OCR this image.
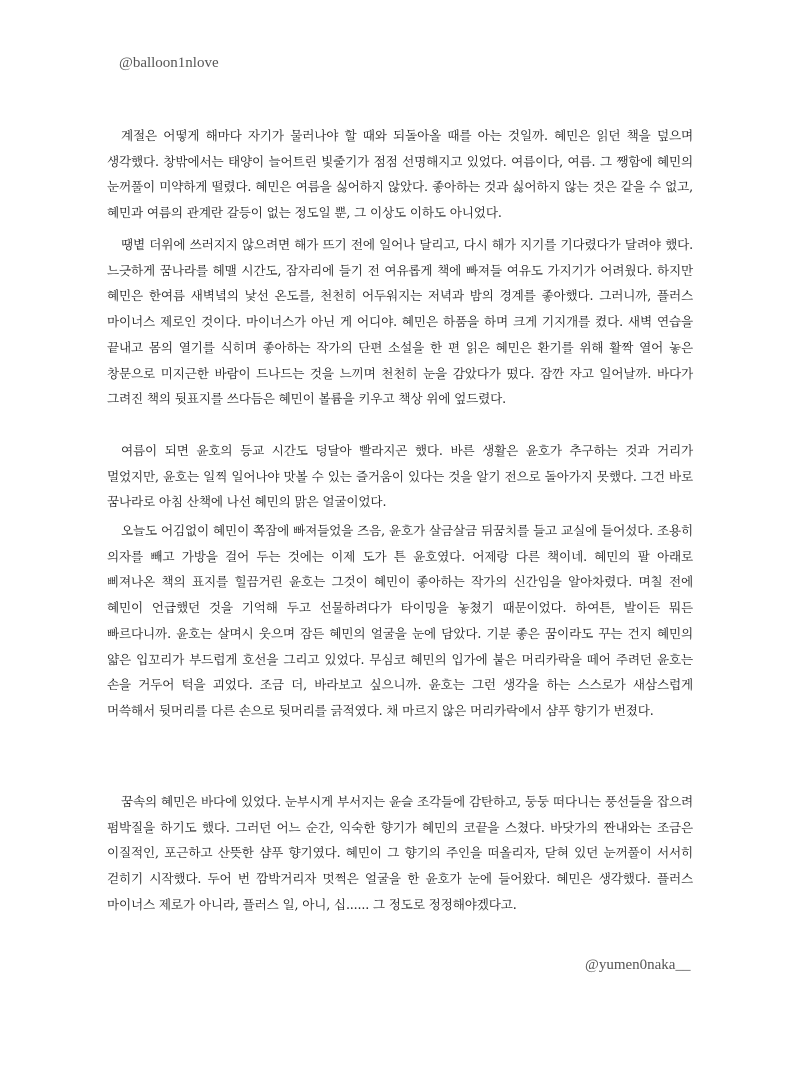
@balloon1nlove

계절은 어떻게 해마다 자기가 물러나야 할 때와 되돌아올 때를 아는 것일까. 혜민은 읽던 책을 덮으며 생각했다. 창밖에서는 태양이 늘어트린 빛줄기가 점점 선명해지고 있었다. 여름이다, 여름. 그 쨍함에 혜민의 눈꺼풀이 미약하게 떨렸다. 혜민은 여름을 싫어하지 않았다. 좋아하는 것과 싫어하지 않는 것은 같을 수 없고, 혜민과 여름의 관계란 갈등이 없는 정도일 뿐, 그 이상도 이하도 아니었다.

땡볕 더위에 쓰러지지 않으려면 해가 뜨기 전에 일어나 달리고, 다시 해가 지기를 기다렸다가 달려야 했다. 느긋하게 꿈나라를 헤맬 시간도, 잠자리에 들기 전 여유롭게 책에 빠져들 여유도 가지기가 어려웠다. 하지만 혜민은 한여름 새벽녘의 낯선 온도를, 천천히 어두워지는 저녁과 밤의 경계를 좋아했다. 그러니까, 플러스 마이너스 제로인 것이다. 마이너스가 아닌 게 어디야. 혜민은 하품을 하며 크게 기지개를 켰다. 새벽 연습을 끝내고 몸의 열기를 식히며 좋아하는 작가의 단편 소설을 한 편 읽은 혜민은 환기를 위해 활짝 열어 놓은 창문으로 미지근한 바람이 드나드는 것을 느끼며 천천히 눈을 감았다가 떴다. 잠깐 자고 일어날까. 바다가 그려진 책의 뒷표지를 쓰다듬은 혜민이 볼륨을 키우고 책상 위에 엎드렸다.

여름이 되면 윤호의 등교 시간도 덩달아 빨라지곤 했다. 바른 생활은 윤호가 추구하는 것과 거리가 멀었지만, 윤호는 일찍 일어나야 맛볼 수 있는 즐거움이 있다는 것을 알기 전으로 돌아가지 못했다. 그건 바로 꿈나라로 아침 산책에 나선 혜민의 맑은 얼굴이었다.

오늘도 어김없이 혜민이 쪽잠에 빠져들었을 즈음, 윤호가 살금살금 뒤꿈치를 들고 교실에 들어섰다. 조용히 의자를 빼고 가방을 걸어 두는 것에는 이제 도가 튼 윤호였다. 어제랑 다른 책이네. 혜민의 팔 아래로 삐져나온 책의 표지를 힐끔거린 윤호는 그것이 혜민이 좋아하는 작가의 신간임을 알아차렸다. 며칠 전에 혜민이 언급했던 것을 기억해 두고 선물하려다가 타이밍을 놓쳤기 때문이었다. 하여튼, 발이든 뭐든 빠르다니까. 윤호는 살며시 웃으며 잠든 혜민의 얼굴을 눈에 담았다. 기분 좋은 꿈이라도 꾸는 건지 혜민의 얇은 입꼬리가 부드럽게 호선을 그리고 있었다. 무심코 혜민의 입가에 붙은 머리카락을 떼어 주려던 윤호는 손을 거두어 턱을 괴었다. 조금 더, 바라보고 싶으니까. 윤호는 그런 생각을 하는 스스로가 새삼스럽게 머쓱해서 뒷머리를 다른 손으로 뒷머리를 긁적였다. 채 마르지 않은 머리카락에서 샴푸 향기가 번졌다.

꿈속의 혜민은 바다에 있었다. 눈부시게 부서지는 윤슬 조각들에 감탄하고, 둥둥 떠다니는 풍선들을 잡으려 펌박질을 하기도 했다. 그러던 어느 순간, 익숙한 향기가 혜민의 코끝을 스쳤다. 바닷가의 짠내와는 조금은 이질적인, 포근하고 산뜻한 샴푸 향기였다. 혜민이 그 향기의 주인을 떠올리자, 닫혀 있던 눈꺼풀이 서서히 걷히기 시작했다. 두어 번 깜박거리자 멋쩍은 얼굴을 한 윤호가 눈에 들어왔다. 혜민은 생각했다. 플러스 마이너스 제로가 아니라, 플러스 일, 아니, 십...... 그 정도로 정정해야겠다고.

@yumen0naka__
